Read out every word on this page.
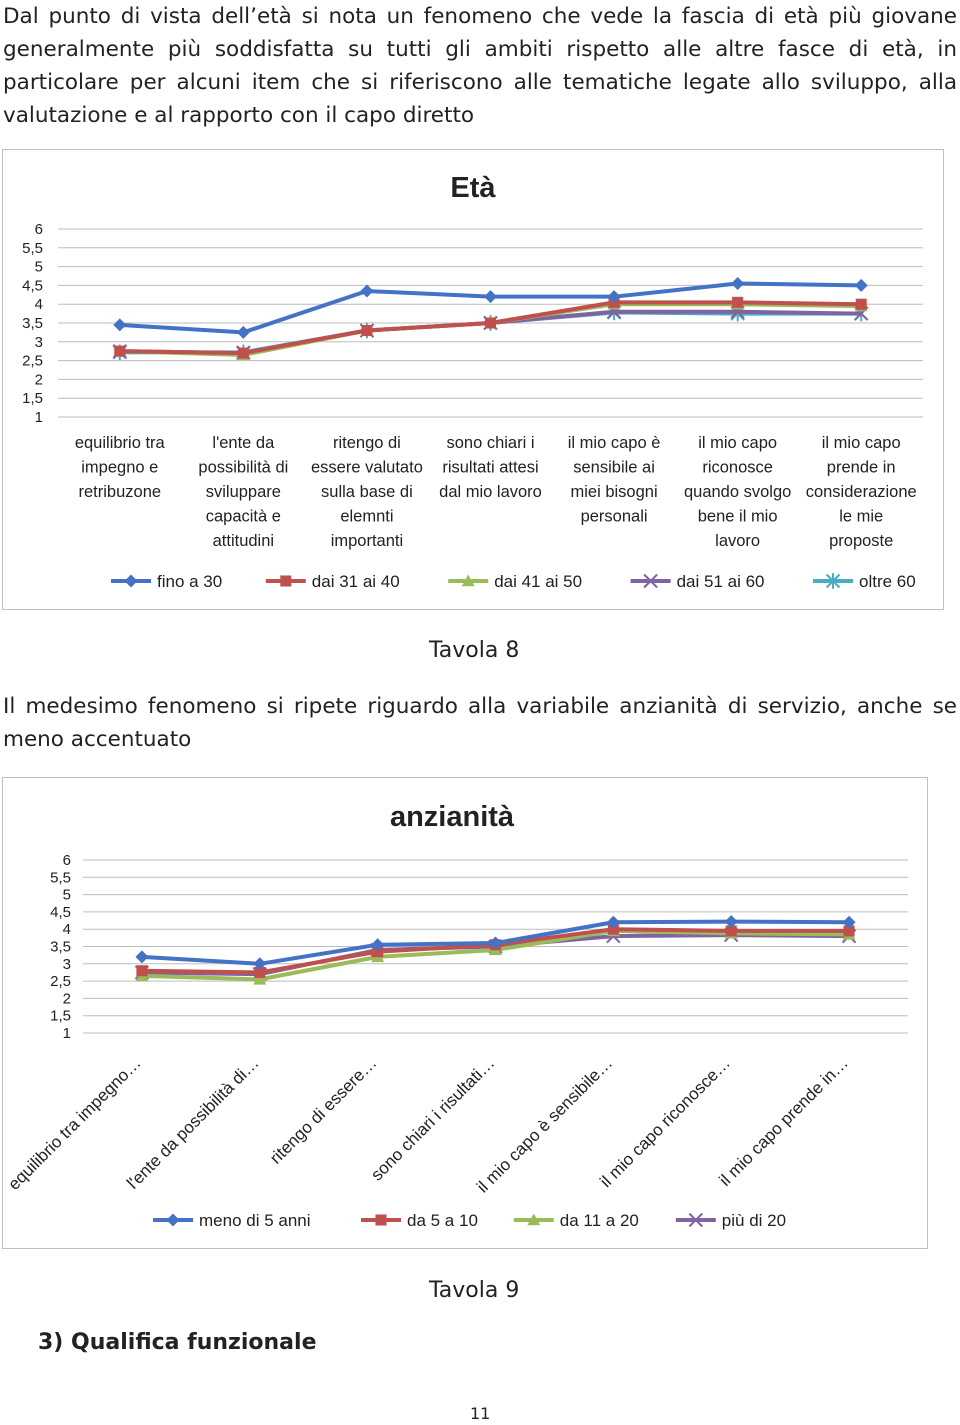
Dal punto di vista dell’età si nota un fenomeno che vede la fascia di età più giovane generalmente più soddisfatta su tutti gli ambiti rispetto alle altre fasce di età, in particolare per alcuni item che si riferiscono alle tematiche legate allo sviluppo, alla valutazione e al rapporto con il capo diretto
Età
6
5,5
5
4,5
4
3,5
3
2,5
2
1,5
1
equilibrio tra impegno e retribuzone
l'ente da possibilità di sviluppare capacità e attitudini
ritengo di essere valutato sulla base di elemnti importanti
sono chiari i risultati attesi dal mio lavoro
il mio capo è sensibile ai miei bisogni personali
il mio capo riconosce quando svolgo bene il mio lavoro
il mio capo prende in considerazione le mie proposte
fino a 30	dai 31 ai 40	dai 41 ai 50	dai 51 ai 60	oltre 60
Tavola 8
Il medesimo fenomeno si ripete riguardo alla variabile anzianità di servizio, anche se meno accentuato
anzianità
6
5,5
5
4,5
4
3,5
3
2,5
2
1,5
1
equilibrio tra impegno…
l'ente da possibilità di… ritengo di essere…
sono chiari i risultati…
il mio capo è sensibile…
il mio capo riconosce…
il mio capo prende in…
meno di 5 anni	da 5 a 10	da 11 a 20	più di 20
Tavola 9
3) Qualifica funzionale
11
